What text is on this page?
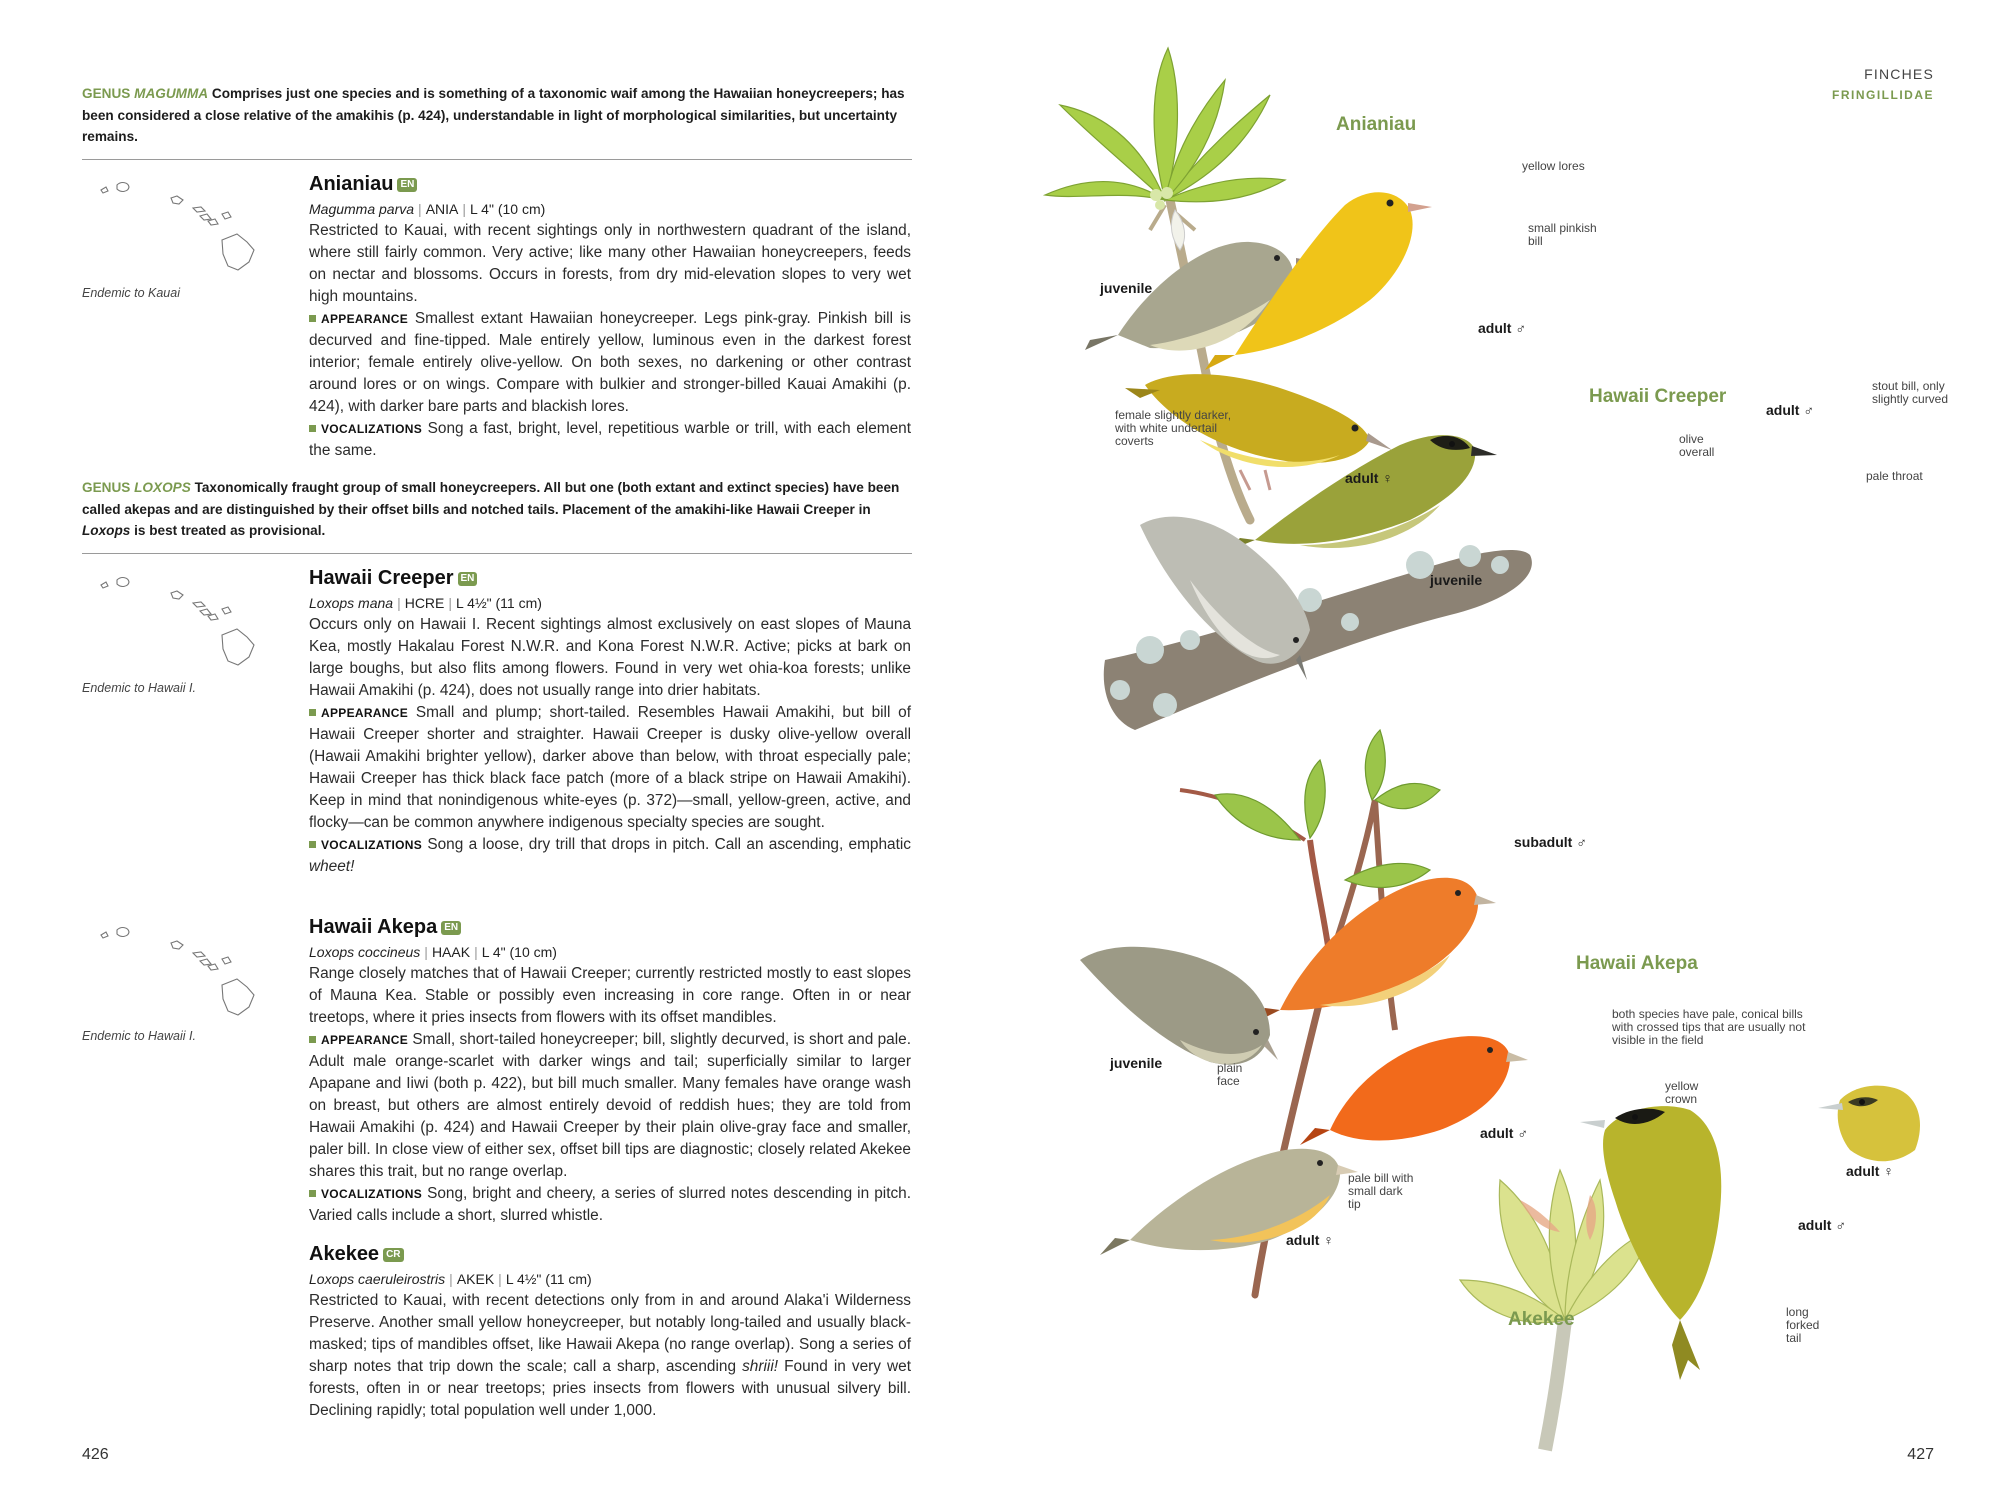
GENUS MAGUMMA Comprises just one species and is something of a taxonomic waif among the Hawaiian honeycreepers; has been considered a close relative of the amakihis (p. 424), understandable in light of morphological similarities, but uncertainty remains.
Endemic to Kauai
Anianiau EN
Magumma parva | ANIA | L 4" (10 cm)
Restricted to Kauai, with recent sightings only in northwestern quadrant of the island, where still fairly common. Very active; like many other Hawaiian honeycreepers, feeds on nectar and blossoms. Occurs in forests, from dry mid-elevation slopes to very wet high mountains.
APPEARANCE Smallest extant Hawaiian honeycreeper. Legs pink-gray. Pinkish bill is decurved and fine-tipped. Male entirely yellow, luminous even in the darkest forest interior; female entirely olive-yellow. On both sexes, no darkening or other contrast around lores or on wings. Compare with bulkier and stronger-billed Kauai Amakihi (p. 424), with darker bare parts and blackish lores.
VOCALIZATIONS Song a fast, bright, level, repetitious warble or trill, with each element the same.
GENUS LOXOPS Taxonomically fraught group of small honeycreepers. All but one (both extant and extinct species) have been called akepas and are distinguished by their offset bills and notched tails. Placement of the amakihi-like Hawaii Creeper in Loxops is best treated as provisional.
Endemic to Hawaii I.
Hawaii Creeper EN
Loxops mana | HCRE | L 4½" (11 cm)
Occurs only on Hawaii I. Recent sightings almost exclusively on east slopes of Mauna Kea, mostly Hakalau Forest N.W.R. and Kona Forest N.W.R. Active; picks at bark on large boughs, but also flits among flowers. Found in very wet ohia-koa forests; unlike Hawaii Amakihi (p. 424), does not usually range into drier habitats.
APPEARANCE Small and plump; short-tailed. Resembles Hawaii Amakihi, but bill of Hawaii Creeper shorter and straighter. Hawaii Creeper is dusky olive-yellow overall (Hawaii Amakihi brighter yellow), darker above than below, with throat especially pale; Hawaii Creeper has thick black face patch (more of a black stripe on Hawaii Amakihi). Keep in mind that nonindigenous white-eyes (p. 372)—small, yellow-green, active, and flocky—can be common anywhere indigenous specialty species are sought.
VOCALIZATIONS Song a loose, dry trill that drops in pitch. Call an ascending, emphatic wheet!
Endemic to Hawaii I.
Hawaii Akepa EN
Loxops coccineus | HAAK | L 4" (10 cm)
Range closely matches that of Hawaii Creeper; currently restricted mostly to east slopes of Mauna Kea. Stable or possibly even increasing in core range. Often in or near treetops, where it pries insects from flowers with its offset mandibles.
APPEARANCE Small, short-tailed honeycreeper; bill, slightly decurved, is short and pale. Adult male orange-scarlet with darker wings and tail; superficially similar to larger Apapane and Iiwi (both p. 422), but bill much smaller. Many females have orange wash on breast, but others are almost entirely devoid of reddish hues; they are told from Hawaii Amakihi (p. 424) and Hawaii Creeper by their plain olive-gray face and smaller, paler bill. In close view of either sex, offset bill tips are diagnostic; closely related Akekee shares this trait, but no range overlap.
VOCALIZATIONS Song, bright and cheery, a series of slurred notes descending in pitch. Varied calls include a short, slurred whistle.
Akekee CR
Loxops caeruleirostris | AKEK | L 4½" (11 cm)
Restricted to Kauai, with recent detections only from in and around Alaka'i Wilderness Preserve. Another small yellow honeycreeper, but notably long-tailed and usually black-masked; tips of mandibles offset, like Hawaii Akepa (no range overlap). Song a series of sharp notes that trip down the scale; call a sharp, ascending shriii! Found in very wet forests, often in or near treetops; pries insects from flowers with unusual silvery bill. Declining rapidly; total population well under 1,000.
426
FINCHES
FRINGILLIDAE
Anianiau
yellow lores
small pinkish bill
juvenile
adult ♂
female slightly darker, with white undertail coverts
adult ♀
Hawaii Creeper
adult ♂
stout bill, only slightly curved
olive overall
pale throat
juvenile
subadult ♂
Hawaii Akepa
both species have pale, conical bills with crossed tips that are usually not visible in the field
juvenile	plain face
adult ♂
pale bill with small dark tip
adult ♀
yellow crown
adult ♀
adult ♂
Akekee	long forked tail
427
